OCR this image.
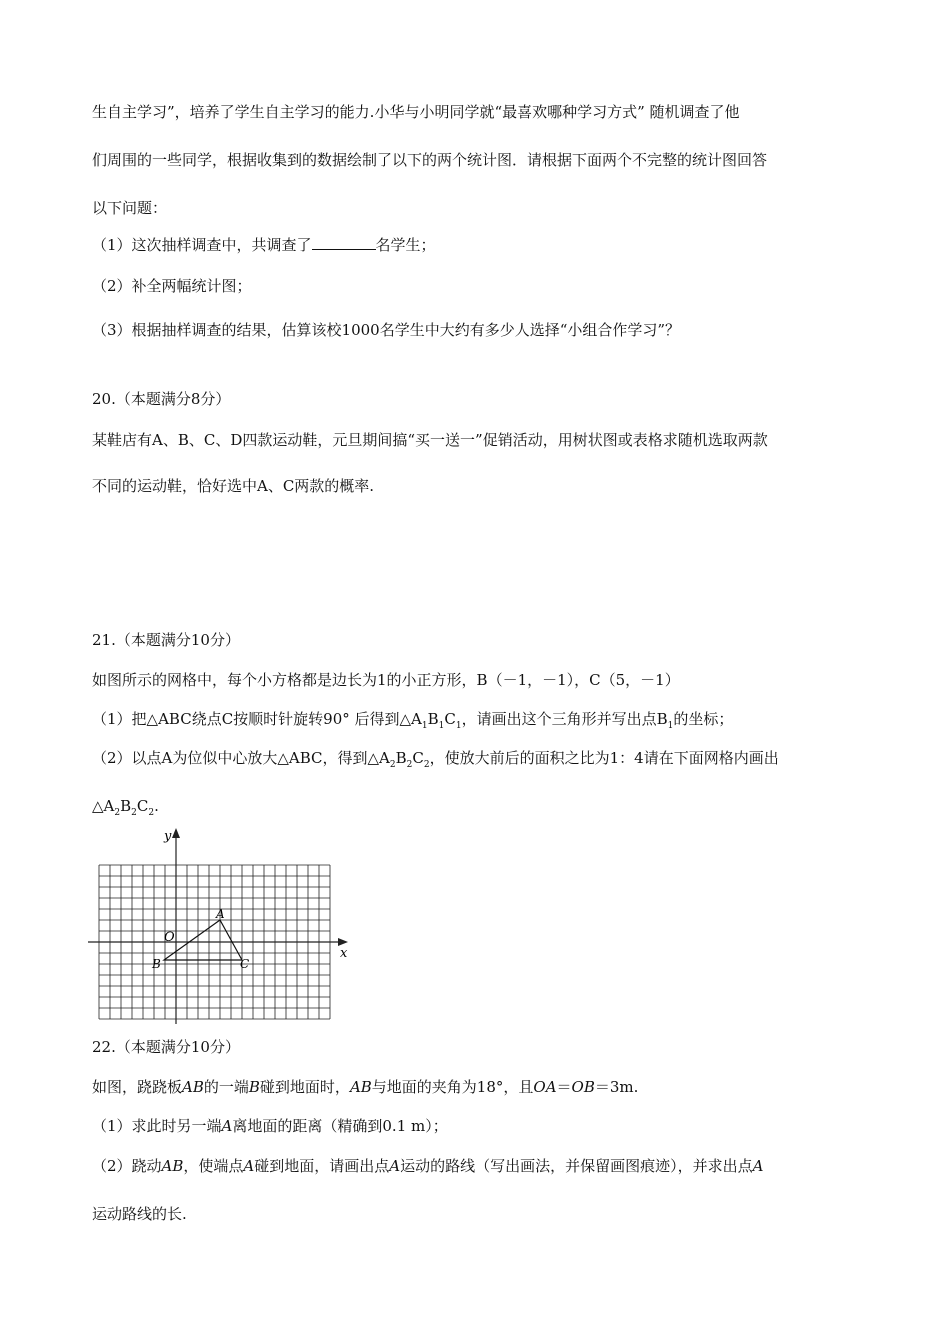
生自主学习”，培养了学生自主学习的能力.小华与小明同学就“最喜欢哪种学习方式” 随机调查了他
们周围的一些同学，根据收集到的数据绘制了以下的两个统计图．请根据下面两个不完整的统计图回答
以下问题：
（1）这次抽样调查中，共调查了	名学生；
（2）补全两幅统计图；
（3）根据抽样调查的结果，估算该校1000名学生中大约有多少人选择“小组合作学习”？
20.（本题满分8分）
某鞋店有A、B、C、D四款运动鞋，元旦期间搞“买一送一”促销活动，用树状图或表格求随机选取两款
不同的运动鞋，恰好选中A、C两款的概率.
21.（本题满分10分）
如图所示的网格中，每个小方格都是边长为1的小正方形，B（－1，－1），C（5，－1）
（1）把△ABC绕点C按顺时针旋转90° 后得到$\triangle A_1B_1C_1$，请画出这个三角形并写出点$B_1$的坐标；
（2）以点A为位似中心放大△ABC，得到$\triangle A_2B_2C_2$，使放大前后的面积之比为1：4请在下面网格内画出
$\triangle A_2B_2C_2$.
y
x
O
A
B	C
22.（本题满分10分）
如图，跷跷板AB的一端B碰到地面时，AB与地面的夹角为18°，且OA＝OB＝3m.
（1）求此时另一端A离地面的距离（精确到0.1 m）；
（2）跷动AB，使端点A碰到地面，请画出点A运动的路线（写出画法，并保留画图痕迹），并求出点A
运动路线的长.
